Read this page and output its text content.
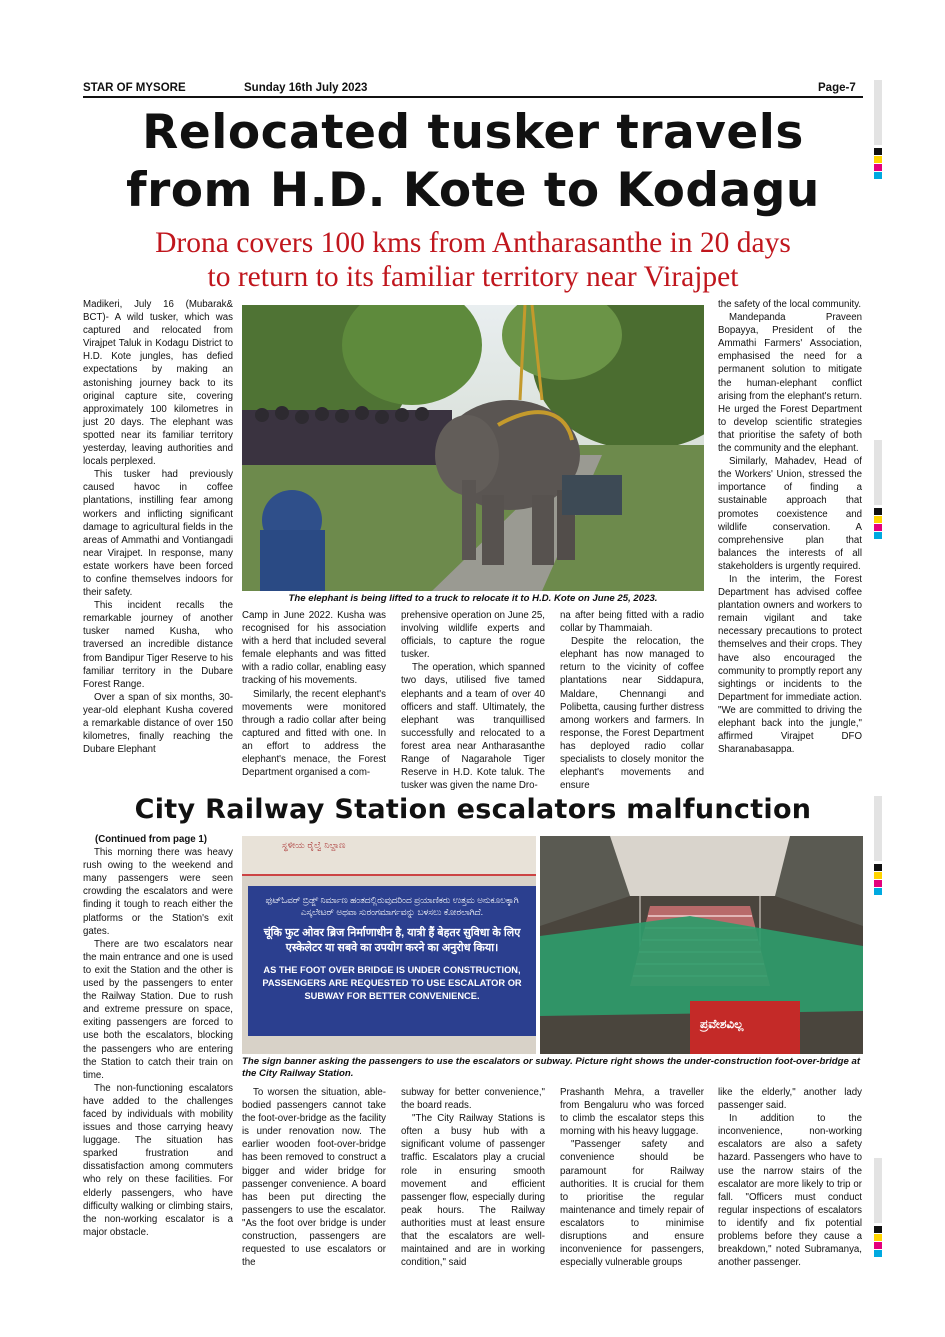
STAR OF MYSORE	Sunday 16th July 2023	Page-7
Relocated tusker travels
from H.D. Kote to Kodagu
Drona covers 100 kms from Antharasanthe in 20 days
to return to its familiar territory near Virajpet

Madikeri, July 16 (Mubarak& BCT)- A wild tusker, which was captured and relocated from Virajpet Taluk in Kodagu District to H.D. Kote jungles, has defied expectations by making an astonishing journey back to its original capture site, covering approximately 100 kilometres in just 20 days. The elephant was spotted near its familiar territory yesterday, leaving authorities and locals perplexed.

This tusker had previously caused havoc in coffee plantations, instilling fear among workers and inflicting significant damage to agricultural fields in the areas of Ammathi and Vontiangadi near Virajpet. In response, many estate workers have been forced to confine themselves indoors for their safety.

This incident recalls the remarkable journey of another tusker named Kusha, who traversed an incredible distance from Bandipur Tiger Reserve to his familiar territory in the Dubare Forest Range.

Over a span of six months, 30-year-old elephant Kusha covered a remarkable distance of over 150 kilometres, finally reaching the Dubare Elephant

The elephant is being lifted to a truck to relocate it to H.D. Kote on June 25, 2023.

Camp in June 2022. Kusha was recognised for his association with a herd that included several female elephants and was fitted with a radio collar, enabling easy tracking of his movements.

Similarly, the recent elephant's movements were monitored through a radio collar after being captured and fitted with one. In an effort to address the elephant's menace, the Forest Department organised a com-

prehensive operation on June 25, involving wildlife experts and officials, to capture the rogue tusker.

The operation, which spanned two days, utilised five tamed elephants and a team of over 40 officers and staff. Ultimately, the elephant was tranquillised successfully and relocated to a forest area near Antharasanthe Range of Nagarahole Tiger Reserve in H.D. Kote taluk. The tusker was given the name Dro-

na after being fitted with a radio collar by Thammaiah.

Despite the relocation, the elephant has now managed to return to the vicinity of coffee plantations near Siddapura, Maldare, Chennangi and Polibetta, causing further distress among workers and farmers. In response, the Forest Department has deployed radio collar specialists to closely monitor the elephant's movements and ensure

the safety of the local community.

Mandepanda Praveen Bopayya, President of the Ammathi Farmers' Association, emphasised the need for a permanent solution to mitigate the human-elephant conflict arising from the elephant's return. He urged the Forest Department to develop scientific strategies that prioritise the safety of both the community and the elephant.

Similarly, Mahadev, Head of the Workers' Union, stressed the importance of finding a sustainable approach that promotes coexistence and wildlife conservation. A comprehensive plan that balances the interests of all stakeholders is urgently required.

In the interim, the Forest Department has advised coffee plantation owners and workers to remain vigilant and take necessary precautions to protect themselves and their crops. They have also encouraged the community to promptly report any sightings or incidents to the Department for immediate action. "We are committed to driving the elephant back into the jungle," affirmed Virajpet DFO Sharanabasappa.

City Railway Station escalators malfunction
(Continued from page 1)

This morning there was heavy rush owing to the weekend and many passengers were seen crowding the escalators and were finding it tough to reach either the platforms or the Station's exit gates.

There are two escalators near the main entrance and one is used to exit the Station and the other is used by the passengers to enter the Railway Station. Due to rush and extreme pressure on space, exiting passengers are forced to use both the escalators, blocking the passengers who are entering the Station to catch their train on time.

The non-functioning escalators have added to the challenges faced by individuals with mobility issues and those carrying heavy luggage. The situation has sparked frustration and dissatisfaction among commuters who rely on these facilities. For elderly passengers, who have difficulty walking or climbing stairs, the non-working escalator is a major obstacle.

ಸ್ಥಳೀಯ ರೈಲ್ವೆ ನಿಲ್ದಾಣ
ಫುಟ್‌ಓವರ್ ಬ್ರಿಡ್ಜ್ ನಿರ್ಮಾಣ ಹಂತದಲ್ಲಿರುವುದರಿಂದ ಪ್ರಯಾಣಿಕರು ಉತ್ತಮ ಅನುಕೂಲಕ್ಕಾಗಿ
ಎಸ್ಕಲೇಟರ್ ಅಥವಾ ಸುರಂಗಮಾರ್ಗವನ್ನು ಬಳಸಲು ಕೋರಲಾಗಿದೆ.
चूंकि फुट ओवर ब्रिज निर्माणाधीन है, यात्री हैं बेहतर सुविधा के लिए
एस्केलेटर या सबवे का उपयोग करने का अनुरोध किया।
AS THE FOOT OVER BRIDGE IS UNDER CONSTRUCTION, PASSENGERS ARE REQUESTED TO USE ESCALATOR OR SUBWAY FOR BETTER CONVENIENCE.
ಪ್ರವೇಶವಿಲ್ಲ
The sign banner asking the passengers to use the escalators or subway. Picture right shows the under-construction foot-over-bridge at the City Railway Station.

To worsen the situation, able-bodied passengers cannot take the foot-over-bridge as the facility is under renovation now. The earlier wooden foot-over-bridge has been removed to construct a bigger and wider bridge for passenger convenience. A board has been put directing the passengers to use the escalator. "As the foot over bridge is under construction, passengers are requested to use escalators or the

subway for better convenience," the board reads.

"The City Railway Stations is often a busy hub with a significant volume of passenger traffic. Escalators play a crucial role in ensuring smooth movement and efficient passenger flow, especially during peak hours. The Railway authorities must at least ensure that the escalators are well-maintained and are in working condition," said

Prashanth Mehra, a traveller from Bengaluru who was forced to climb the escalator steps this morning with his heavy luggage.

"Passenger safety and convenience should be paramount for Railway authorities. It is crucial for them to prioritise the regular maintenance and timely repair of escalators to minimise disruptions and ensure inconvenience for passengers, especially vulnerable groups

like the elderly," another lady passenger said.

In addition to the inconvenience, non-working escalators are also a safety hazard. Passengers who have to use the narrow stairs of the escalator are more likely to trip or fall. "Officers must conduct regular inspections of escalators to identify and fix potential problems before they cause a breakdown," noted Subramanya, another passenger.
